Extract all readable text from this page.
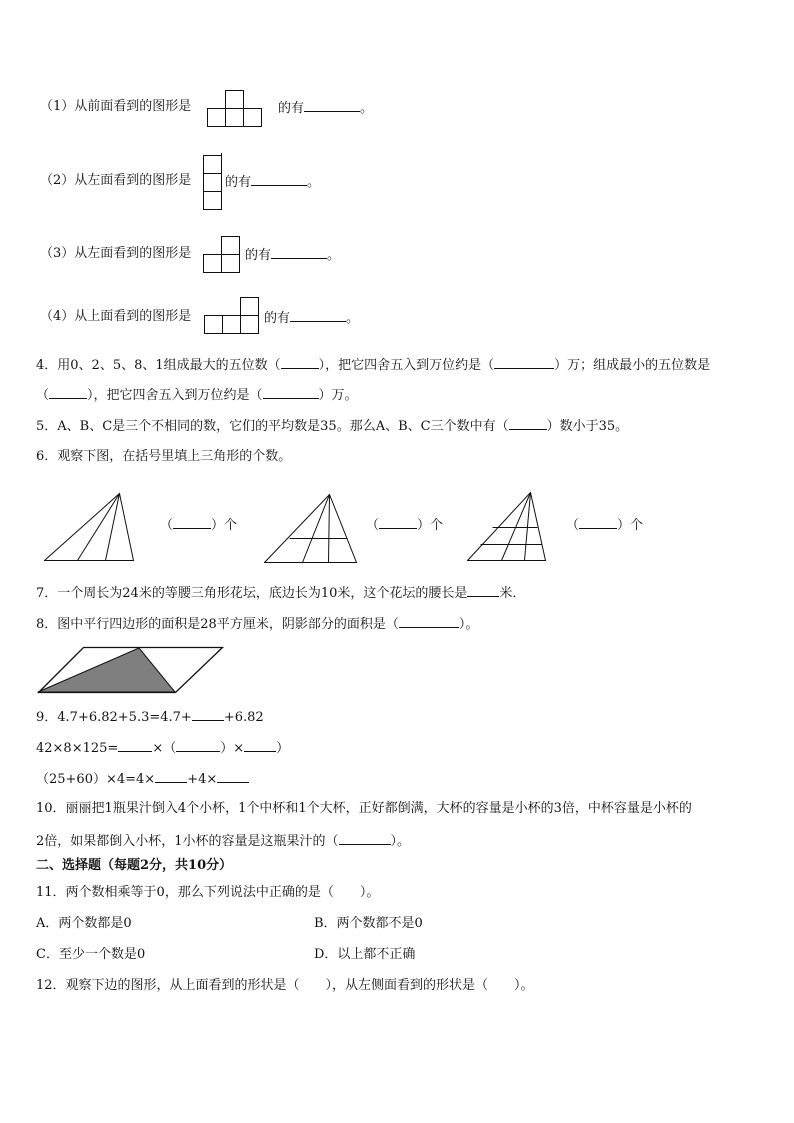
（1）从前面看到的图形是	的有	。
（2）从左面看到的图形是	的有	。
（3）从左面看到的图形是	的有	。
（4）从上面看到的图形是	的有	。
4．用0、2、5、8、1组成最大的五位数（	），把它四舍五入到万位约是（	）万；组成最小的五位数是
（	），把它四舍五入到万位约是（	）万。
5．A、B、C是三个不相同的数，它们的平均数是35。那么A、B、C三个数中有（	）数小于35。
6．观察下图，在括号里填上三角形的个数。
（	）个	（	）个	（	）个
7．一个周长为24米的等腰三角形花坛，底边长为10米，这个花坛的腰长是 米．
8．图中平行四边形的面积是28平方厘米，阴影部分的面积是（	）。
9．4.7+6.82+5.3=4.7+ +6.82
42×8×125=	×（	）× ）
（25+60）×4=4× +4×
10．丽丽把1瓶果汁倒入4个小杯，1个中杯和1个大杯，正好都倒满，大杯的容量是小杯的3倍，中杯容量是小杯的
2倍，如果都倒入小杯，1小杯的容量是这瓶果汁的（	）。
二、选择题（每题2分，共10分）
11．两个数相乘等于0，那么下列说法中正确的是（　　）。
A．两个数都是0	B．两个数都不是0
C．至少一个数是0	D．以上都不正确
12．观察下边的图形，从上面看到的形状是（　　），从左侧面看到的形状是（　　）。
